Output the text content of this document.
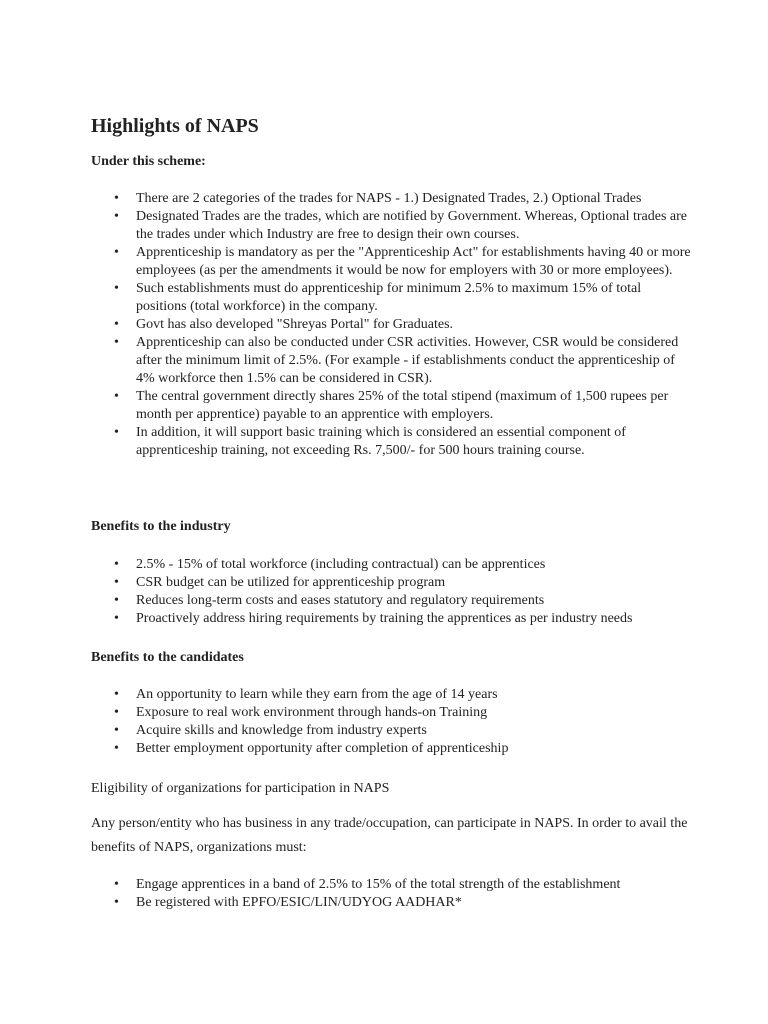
Highlights of NAPS

Under this scheme:

• There are 2 categories of the trades for NAPS - 1.) Designated Trades, 2.) Optional Trades
• Designated Trades are the trades, which are notified by Government. Whereas, Optional trades are the trades under which Industry are free to design their own courses.
• Apprenticeship is mandatory as per the "Apprenticeship Act" for establishments having 40 or more employees (as per the amendments it would be now for employers with 30 or more employees).
• Such establishments must do apprenticeship for minimum 2.5% to maximum 15% of total positions (total workforce) in the company.
• Govt has also developed "Shreyas Portal" for Graduates.
• Apprenticeship can also be conducted under CSR activities. However, CSR would be considered after the minimum limit of 2.5%. (For example - if establishments conduct the apprenticeship of 4% workforce then 1.5% can be considered in CSR).
• The central government directly shares 25% of the total stipend (maximum of 1,500 rupees per month per apprentice) payable to an apprentice with employers.
• In addition, it will support basic training which is considered an essential component of apprenticeship training, not exceeding Rs. 7,500/- for 500 hours training course.

Benefits to the industry

• 2.5% - 15% of total workforce (including contractual) can be apprentices
• CSR budget can be utilized for apprenticeship program
• Reduces long-term costs and eases statutory and regulatory requirements
• Proactively address hiring requirements by training the apprentices as per industry needs

Benefits to the candidates

• An opportunity to learn while they earn from the age of 14 years
• Exposure to real work environment through hands-on Training
• Acquire skills and knowledge from industry experts
• Better employment opportunity after completion of apprenticeship

Eligibility of organizations for participation in NAPS

Any person/entity who has business in any trade/occupation, can participate in NAPS. In order to avail the benefits of NAPS, organizations must:

• Engage apprentices in a band of 2.5% to 15% of the total strength of the establishment
• Be registered with EPFO/ESIC/LIN/UDYOG AADHAR*
